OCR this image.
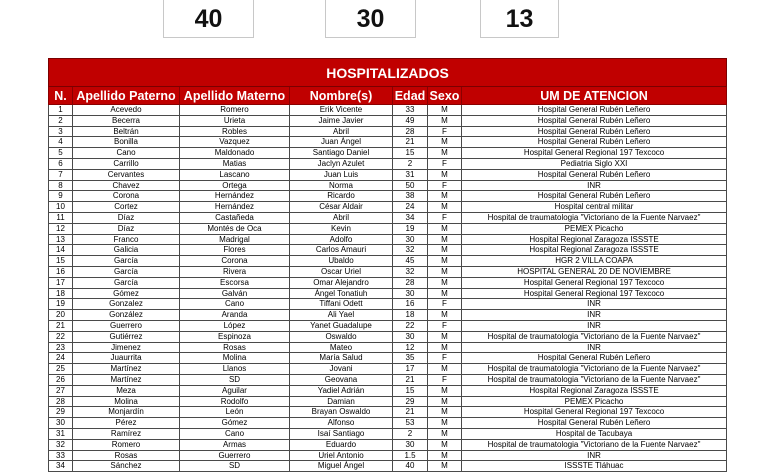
40	30	13
HOSPITALIZADOS						
N.	Apellido Paterno	Apellido Materno	Nombre(s)	Edad	Sexo	UM DE ATENCION
1	Acevedo	Romero	Erik Vicente	33	M	Hospital General Rubén Leñero
2	Becerra	Urieta	Jaime Javier	49	M	Hospital General Rubén Leñero
3	Beltrán	Robles	Abril	28	F	Hospital General Rubén Leñero
4	Bonilla	Vazquez	Juan Ángel	21	M	Hospital General Rubén Leñero
5	Cano	Maldonado	Santiago Daniel	15	M	Hospital General Regional 197 Texcoco
6	Carrillo	Matias	Jaclyn Azulet	2	F	Pediatria Siglo XXI
7	Cervantes	Lascano	Juan Luis	31	M	Hospital General Rubén Leñero
8	Chavez	Ortega	Norma	50	F	INR
9	Corona	Hernández	Ricardo	38	M	Hospital General Rubén Leñero
10	Cortez	Hernández	César Aldair	24	M	Hospital central militar
11	Díaz	Castañeda	Abril	34	F	Hospital de traumatologia "Victoriano de la Fuente Narvaez"
12	Díaz	Montés de Oca	Kevin	19	M	PEMEX Picacho
13	Franco	Madrigal	Adolfo	30	M	Hospital Regional Zaragoza ISSSTE
14	Galicia	Flores	Carlos Amauri	32	M	Hospital Regional Zaragoza ISSSTE
15	García	Corona	Ubaldo	45	M	HGR 2 VILLA COAPA
16	García	Rivera	Oscar Uriel	32	M	HOSPITAL GENERAL 20 DE NOVIEMBRE
17	García	Escorsa	Omar Alejandro	28	M	Hospital General Regional 197 Texcoco
18	Gómez	Galván	Ángel Tonatiuh	30	M	Hospital General Regional 197 Texcoco
19	Gonzalez	Cano	Tiffani Odett	16	F	INR
20	González	Aranda	Ali Yael	18	M	INR
21	Guerrero	López	Yanet Guadalupe	22	F	INR
22	Gutiérrez	Espinoza	Oswaldo	30	M	Hospital de traumatologia "Victoriano de la Fuente Narvaez"
23	Jimenez	Rosas	Mateo	12	M	INR
24	Juaurrita	Molina	María Salud	35	F	Hospital General Rubén Leñero
25	Martínez	Llanos	Jovani	17	M	Hospital de traumatologia "Victoriano de la Fuente Narvaez"
26	Martínez	SD	Geovana	21	F	Hospital de traumatologia "Victoriano de la Fuente Narvaez"
27	Meza	Aguilar	Yadiel Adrián	15	M	Hospital Regional Zaragoza ISSSTE
28	Molina	Rodolfo	Damian	29	M	PEMEX Picacho
29	Monjardín	León	Brayan Oswaldo	21	M	Hospital General Regional 197 Texcoco
30	Pérez	Gómez	Alfonso	53	M	Hospital General Rubén Leñero
31	Ramírez	Cano	Isaí Santiago	2	M	Hospital de Tacubaya
32	Romero	Armas	Eduardo	30	M	Hospital de traumatologia "Victoriano de la Fuente Narvaez"
33	Rosas	Guerrero	Uriel Antonio	1.5	M	INR
34	Sánchez	SD	Miguel Ángel	40	M	ISSSTE Tláhuac
